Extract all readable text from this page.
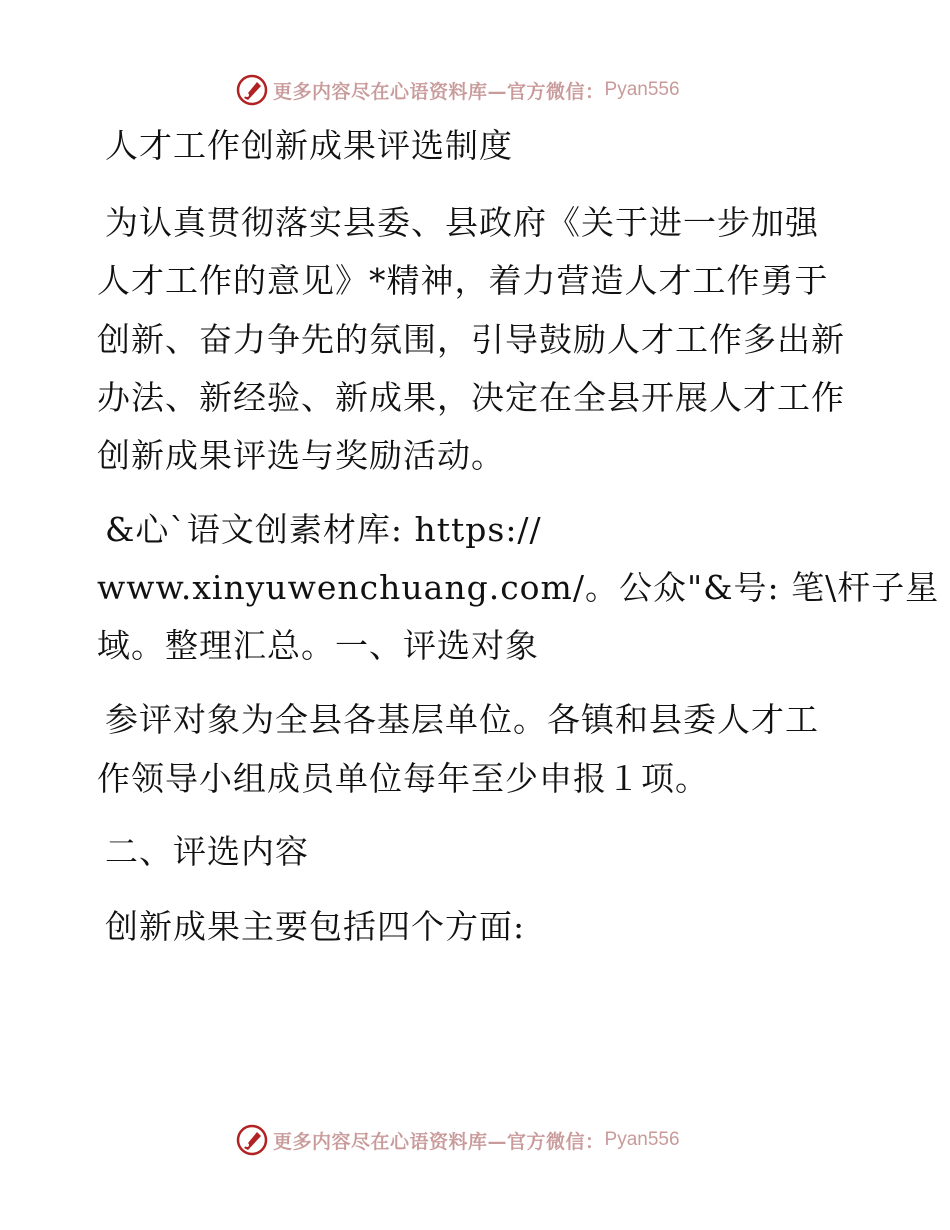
更多内容尽在心语资料库—官方微信： Pyan556
人才工作创新成果评选制度
为认真贯彻落实县委、县政府《关于进一步加强
人才工作的意见》*精神，着力营造人才工作勇于
创新、奋力争先的氛围，引导鼓励人才工作多出新
办法、新经验、新成果，决定在全县开展人才工作
创新成果评选与奖励活动。
&心`语文创素材库: https://
www.xinyuwenchuang.com/。公众"&号: 笔\杆子星
域。整理汇总。一、评选对象
参评对象为全县各基层单位。各镇和县委人才工
作领导小组成员单位每年至少申报１项。
二、评选内容
创新成果主要包括四个方面:
更多内容尽在心语资料库—官方微信： Pyan556
